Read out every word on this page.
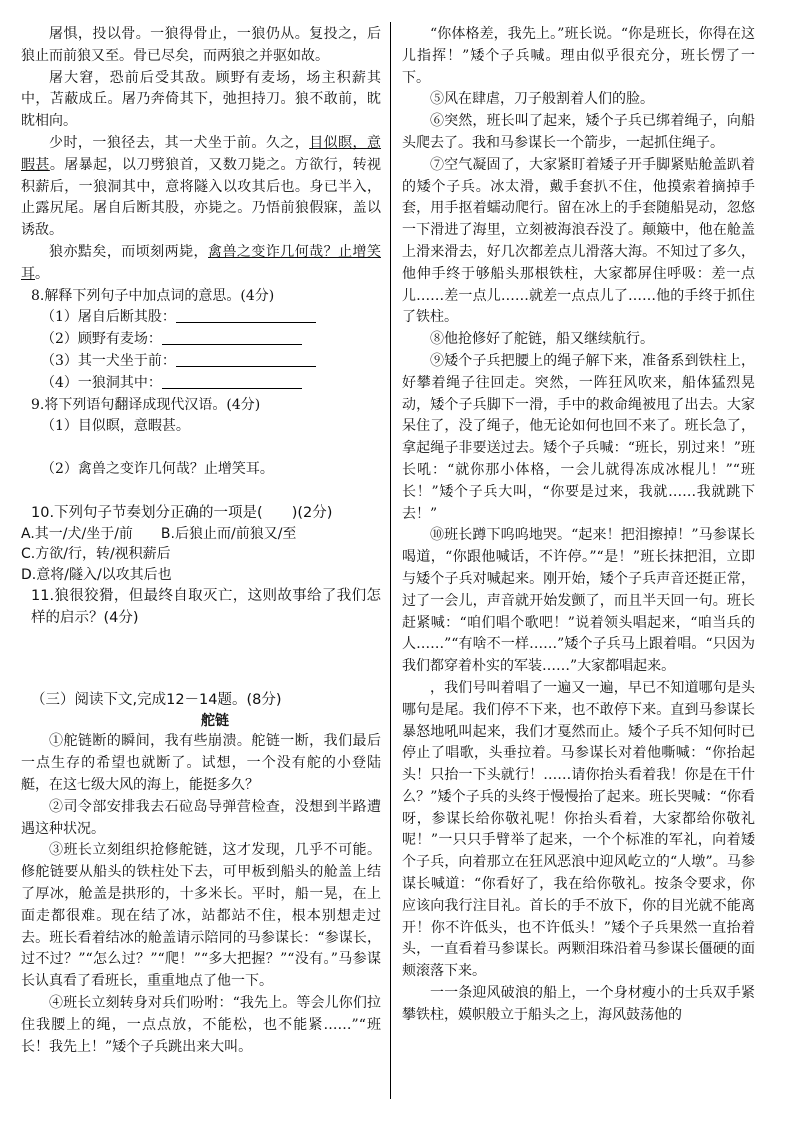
屠惧，投以骨。一狼得骨止，一狼仍从。复投之，后狼止而前狼又至。骨已尽矣，而两狼之并驱如故。

屠大窘，恐前后受其敌。顾野有麦场，场主积薪其中，苫蔽成丘。屠乃奔倚其下，弛担持刀。狼不敢前，眈眈相向。

少时，一狼径去，其一犬坐于前。久之，目似瞑，意暇甚。屠暴起，以刀劈狼首，又数刀毙之。方欲行，转视积薪后，一狼洞其中，意将隧入以攻其后也。身已半入，止露尻尾。屠自后断其股，亦毙之。乃悟前狼假寐，盖以诱敌。

狼亦黠矣，而顷刻两毙，禽兽之变诈几何哉？止增笑耳。

8.解释下列句子中加点词的意思。(4分)

（1）屠自后断其股：

（2）顾野有麦场：

（3）其一犬坐于前：

（4）一狼洞其中：

9.将下列语句翻译成现代汉语。(4分)

（1）目似瞑，意暇甚。

（2）禽兽之变诈几何哉？止增笑耳。

10.下列句子节奏划分正确的一项是(　　)(2分)

A.其一/犬/坐于/前　　B.后狼止而/前狼又/至

C.方欲/行，转/视积薪后

D.意将/隧入/以攻其后也

11.狼很狡猾，但最终自取灭亡，这则故事给了我们怎样的启示？(4分)

（三）阅读下文,完成12－14题。(8分)

舵链

①舵链断的瞬间，我有些崩溃。舵链一断，我们最后一点生存的希望也就断了。试想，一个没有舵的小登陆艇，在这七级大风的海上，能挺多久？

②司令部安排我去石砬岛导弹营检查，没想到半路遭遇这种状况。

③班长立刻组织抢修舵链，这才发现，几乎不可能。修舵链要从船头的铁柱处下去，可甲板到船头的舱盖上结了厚冰，舱盖是拱形的，十多米长。平时，船一晃，在上面走都很难。现在结了冰，站都站不住，根本别想走过去。班长看着结冰的舱盖请示陪同的马参谋长：“参谋长，过不过？”“怎么过？”“爬！”“多大把握？”“没有。”马参谋长认真看了看班长，重重地点了他一下。

④班长立刻转身对兵们吩咐：“我先上。等会儿你们拉住我腰上的绳，一点点放，不能松，也不能紧……”“班长！我先上！”矮个子兵跳出来大叫。

“你体格差，我先上。”班长说。“你是班长，你得在这儿指挥！”矮个子兵喊。理由似乎很充分，班长愣了一下。

⑤风在肆虐，刀子般割着人们的脸。

⑥突然，班长叫了起来，矮个子兵已绑着绳子，向船头爬去了。我和马参谋长一个箭步，一起抓住绳子。

⑦空气凝固了，大家紧盯着矮子开手脚紧贴舱盖趴着的矮个子兵。冰太滑，戴手套扒不住，他摸索着摘掉手套，用手抠着蠕动爬行。留在冰上的手套随船晃动，忽悠一下滑进了海里，立刻被海浪吞没了。颠簸中，他在舱盖上滑来滑去，好几次都差点儿滑落大海。不知过了多久，他伸手终于够船头那根铁柱，大家都屏住呼吸：差一点儿……差一点儿……就差一点点儿了……他的手终于抓住了铁柱。

⑧他抢修好了舵链，船又继续航行。

⑨矮个子兵把腰上的绳子解下来，准备系到铁柱上，好攀着绳子往回走。突然，一阵狂风吹来，船体猛烈晃动，矮个子兵脚下一滑，手中的救命绳被甩了出去。大家呆住了，没了绳子，他无论如何也回不来了。班长急了，拿起绳子非要送过去。矮个子兵喊：“班长，别过来！”班长吼：“就你那小体格，一会儿就得冻成冰棍儿！”“班长！”矮个子兵大叫，“你要是过来，我就……我就跳下去！”

⑩班长蹲下呜呜地哭。“起来！把泪擦掉！”马参谋长喝道，“你跟他喊话，不许停。”“是！”班长抹把泪，立即与矮个子兵对喊起来。刚开始，矮个子兵声音还挺正常，过了一会儿，声音就开始发颤了，而且半天回一句。班长赶紧喊：“咱们唱个歌吧！”说着领头唱起来，“咱当兵的人……”“有啥不一样……”矮个子兵马上跟着唱。“只因为我们都穿着朴实的军装……”大家都唱起来。

，我们号叫着唱了一遍又一遍，早已不知道哪句是头哪句是尾。我们停不下来，也不敢停下来。直到马参谋长暴怒地吼叫起来，我们才戛然而止。矮个子兵不知何时已停止了唱歌，头垂拉着。马参谋长对着他嘶喊：“你抬起头！只抬一下头就行！……请你抬头看着我！你是在干什么？”矮个子兵的头终于慢慢抬了起来。班长哭喊：“你看呀，参谋长给你敬礼呢！你抬头看着，大家都给你敬礼呢！”一只只手臂举了起来，一个个标准的军礼，向着矮个子兵，向着那立在狂风恶浪中迎风屹立的“人墩”。马参谋长喊道：“你看好了，我在给你敬礼。按条令要求，你应该向我行注目礼。首长的手不放下，你的目光就不能离开！你不许低头，也不许低头！”矮个子兵果然一直抬着头，一直看着马参谋长。两颗泪珠沿着马参谋长僵硬的面颊滚落下来。

一一条迎风破浪的船上，一个身材瘦小的士兵双手紧攀铁柱，嫫帜般立于船头之上，海风鼓荡他的
